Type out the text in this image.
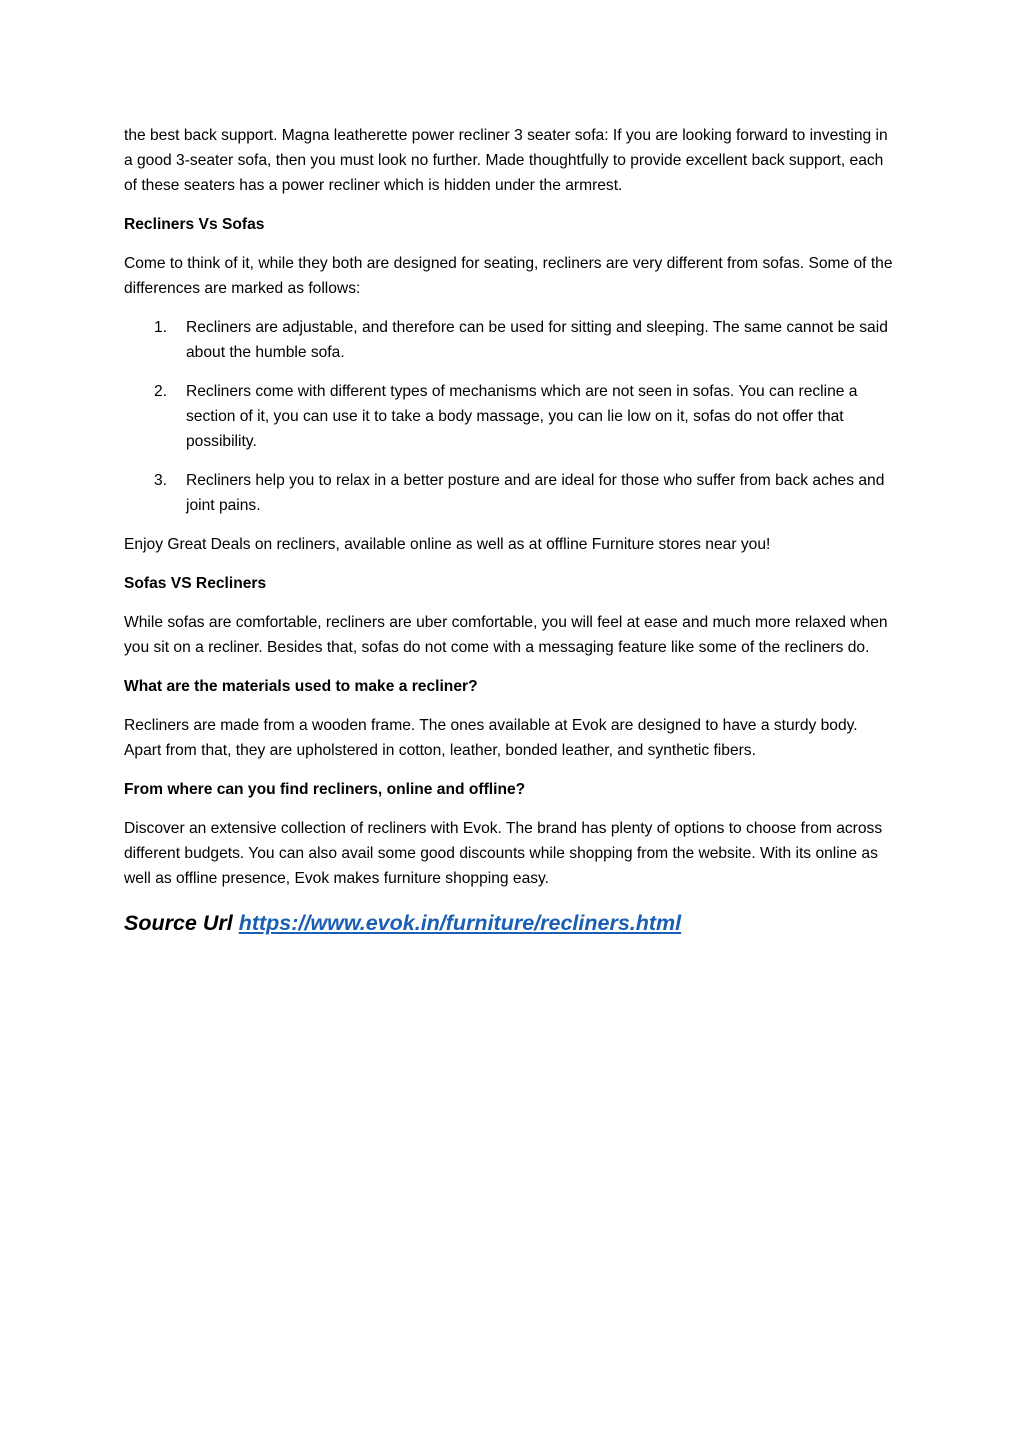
the best back support. Magna leatherette power recliner 3 seater sofa: If you are looking forward to investing in a good 3-seater sofa, then you must look no further. Made thoughtfully to provide excellent back support, each of these seaters has a power recliner which is hidden under the armrest.

Recliners Vs Sofas

Come to think of it, while they both are designed for seating, recliners are very different from sofas. Some of the differences are marked as follows:

1. Recliners are adjustable, and therefore can be used for sitting and sleeping. The same cannot be said about the humble sofa.
2. Recliners come with different types of mechanisms which are not seen in sofas. You can recline a section of it, you can use it to take a body massage, you can lie low on it, sofas do not offer that possibility.
3. Recliners help you to relax in a better posture and are ideal for those who suffer from back aches and joint pains.

Enjoy Great Deals on recliners, available online as well as at offline Furniture stores near you!

Sofas VS Recliners

While sofas are comfortable, recliners are uber comfortable, you will feel at ease and much more relaxed when you sit on a recliner. Besides that, sofas do not come with a messaging feature like some of the recliners do.

What are the materials used to make a recliner?

Recliners are made from a wooden frame. The ones available at Evok are designed to have a sturdy body. Apart from that, they are upholstered in cotton, leather, bonded leather, and synthetic fibers.

From where can you find recliners, online and offline?

Discover an extensive collection of recliners with Evok. The brand has plenty of options to choose from across different budgets. You can also avail some good discounts while shopping from the website. With its online as well as offline presence, Evok makes furniture shopping easy.

Source Url https://www.evok.in/furniture/recliners.html
